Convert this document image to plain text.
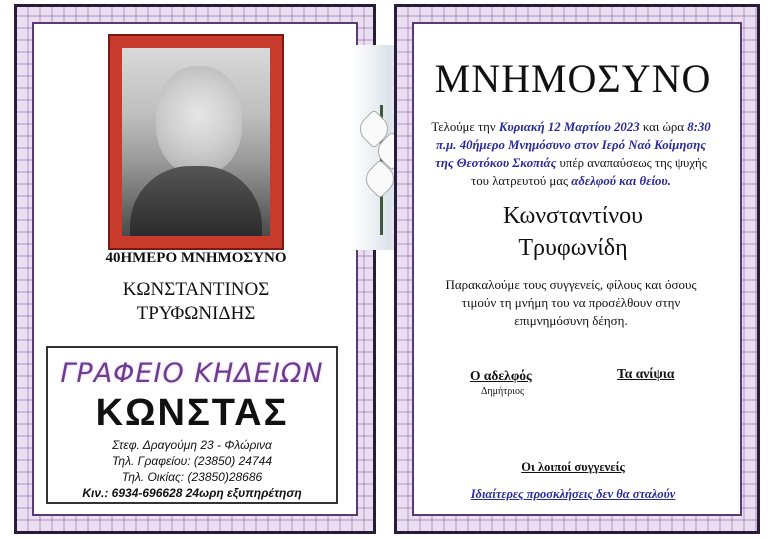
40ΗΜΕΡΟ ΜΝΗΜΟΣΥΝΟ
ΚΩΝΣΤΑΝΤΙΝΟΣ
ΤΡΥΦΩΝΙΔΗΣ
ΓΡΑΦΕΙΟ ΚΗΔΕΙΩΝ
ΚΩΝΣΤΑΣ
Στεφ. Δραγούμη 23 - Φλώρινα
Τηλ. Γραφείου: (23850) 24744
Τηλ. Οικίας: (23850)28686
Κιν.: 6934-696628 24ωρη εξυπηρέτηση
ΜΝΗΜΟΣΥΝΟ
Τελούμε την Κυριακή 12 Μαρτίου 2023 και ώρα 8:30 π.μ. 40ήμερο Μνημόσυνο στον Ιερό Ναό Κοίμησης της Θεοτόκου Σκοπιάς υπέρ αναπαύσεως της ψυχής του λατρευτού μας αδελφού και θείου.
Κωνσταντίνου
Τρυφωνίδη
Παρακαλούμε τους συγγενείς, φίλους και όσους τιμούν τη μνήμη του να προσέλθουν στην επιμνημόσυνη δέηση.
Ο αδελφός
Δημήτριος
Τα ανίψια
Οι λοιποί συγγενείς
Ιδιαίτερες προσκλήσεις δεν θα σταλούν
